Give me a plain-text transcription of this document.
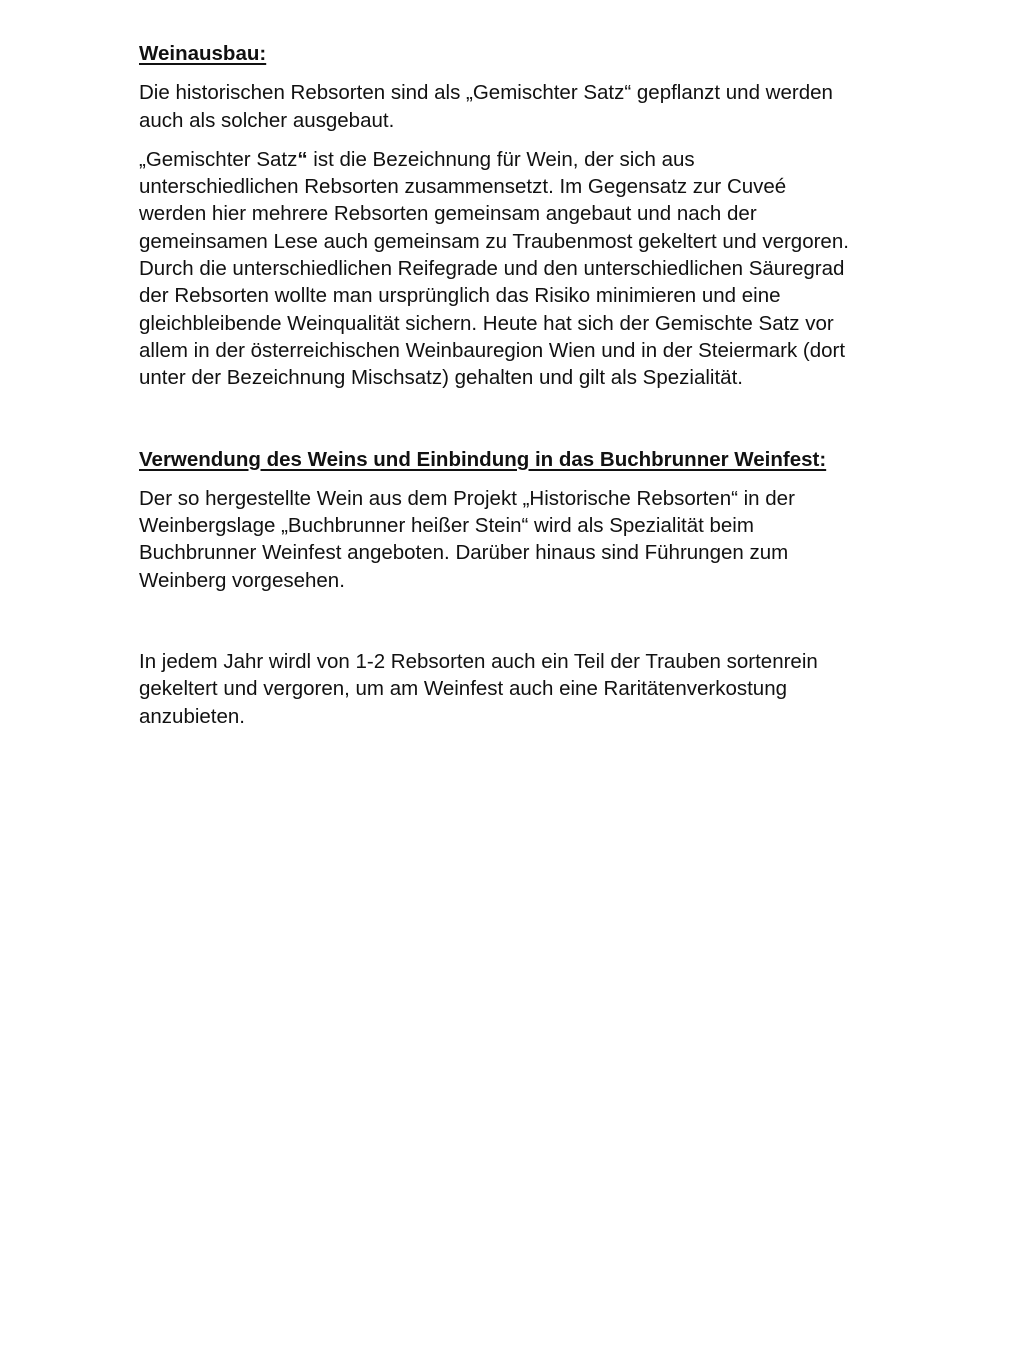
Weinausbau:

Die historischen Rebsorten sind als „Gemischter Satz“ gepflanzt und werden auch als solcher ausgebaut.

„Gemischter Satz“ ist die Bezeichnung für Wein, der sich aus unterschiedlichen Rebsorten zusammensetzt. Im Gegensatz zur Cuveé werden hier mehrere Rebsorten gemeinsam angebaut und nach der gemeinsamen Lese auch gemeinsam zu Traubenmost gekeltert und vergoren. Durch die unterschiedlichen Reifegrade und den unterschiedlichen Säuregrad der Rebsorten wollte man ursprünglich das Risiko minimieren und eine gleichbleibende Weinqualität sichern. Heute hat sich der Gemischte Satz vor allem in der österreichischen Weinbauregion Wien und in der Steiermark (dort unter der Bezeichnung Mischsatz) gehalten und gilt als Spezialität.

Verwendung des Weins und Einbindung in das Buchbrunner Weinfest:

Der so hergestellte Wein aus dem Projekt „Historische Rebsorten“ in der Weinbergslage „Buchbrunner heißer Stein“ wird als Spezialität beim Buchbrunner Weinfest angeboten. Darüber hinaus sind Führungen zum Weinberg vorgesehen.

In jedem Jahr wirdl von 1-2 Rebsorten auch ein Teil der Trauben sortenrein gekeltert und vergoren, um am Weinfest auch eine Raritätenverkostung anzubieten.
